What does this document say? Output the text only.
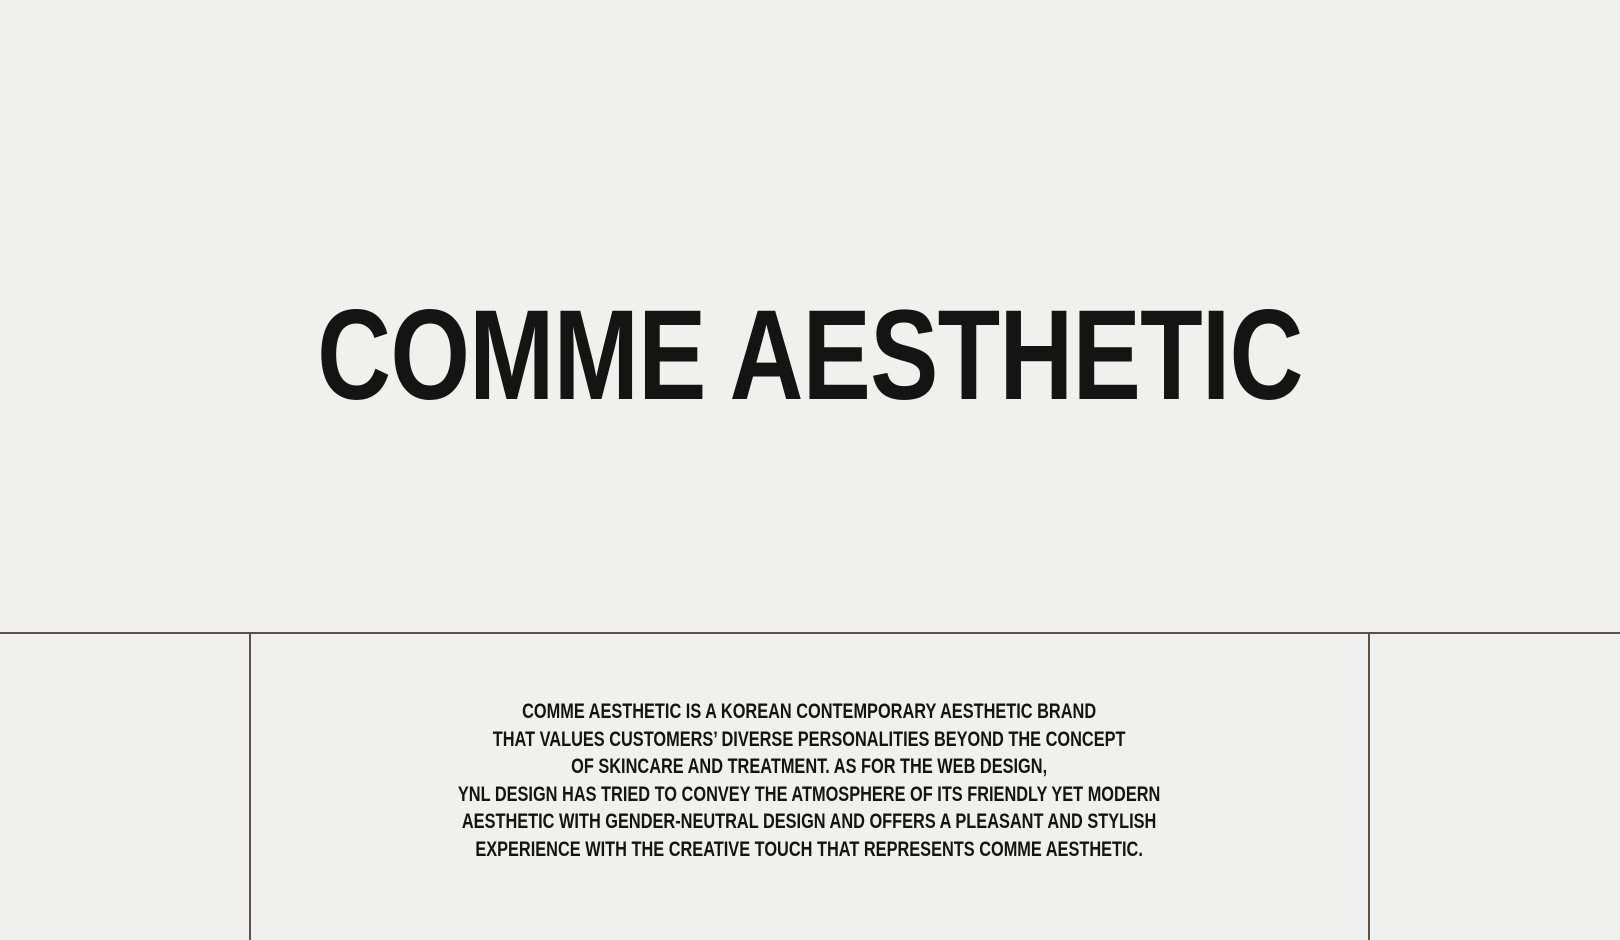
COMME AESTHETIC

COMME AESTHETIC IS A KOREAN CONTEMPORARY AESTHETIC BRAND
THAT VALUES CUSTOMERS’ DIVERSE PERSONALITIES BEYOND THE CONCEPT
OF SKINCARE AND TREATMENT. AS FOR THE WEB DESIGN,
YNL DESIGN HAS TRIED TO CONVEY THE ATMOSPHERE OF ITS FRIENDLY YET MODERN
AESTHETIC WITH GENDER-NEUTRAL DESIGN AND OFFERS A PLEASANT AND STYLISH
EXPERIENCE WITH THE CREATIVE TOUCH THAT REPRESENTS COMME AESTHETIC.
